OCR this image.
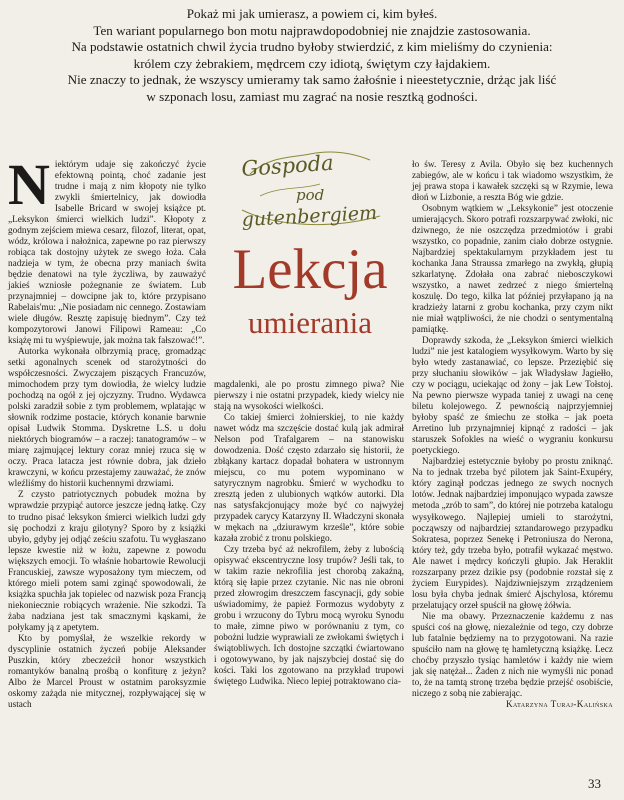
Pokaż mi jak umierasz, a powiem ci, kim byłeś.
Ten wariant popularnego bon motu najprawdopodobniej nie znajdzie zastosowania.
Na podstawie ostatnich chwil życia trudno byłoby stwierdzić, z kim mieliśmy do czynienia:
królem czy żebrakiem, mędrcem czy idiotą, świętym czy łajdakiem.
Nie znaczy to jednak, że wszyscy umieramy tak samo żałośnie i nieestetycznie, drżąc jak liść
w szponach losu, zamiast mu zagrać na nosie resztką godności.
N iektórym udaje się zakończyć życie efektowną pointą, choć zadanie jest trudne i mają z nim kłopoty nie tylko zwykli śmiertelnicy, jak dowiodła Isabelle Bricard w swojej książce pt. „Leksykon śmierci wielkich ludzi”. Kłopoty z godnym zejściem miewa cesarz, filozof, literat, opat, wódz, królowa i nałożnica, zapewne po raz pierwszy robiąca tak dostojny użytek ze swego łoża. Cała nadzieja w tym, że obecna przy maniach świta będzie denatowi na tyle życzliwa, by zauważyć jakieś wzniosłe pożegnanie ze światem. Lub przynajmniej – dowcipne jak to, które przypisano Rabelais'mu: „Nie posiadam nic cennego. Zostawiam wiele długów. Resztę zapisuję biednym”. Czy też kompozytorowi Janowi Filipowi Rameau: „Co książę mi tu wyśpiewuje, jak można tak fałszować!”.

Autorka wykonała olbrzymią pracę, gromadząc setki agonalnych scenek od starożytności do współczesności. Zwyczajem piszących Francuzów, mimochodem przy tym dowiodła, że wielcy ludzie pochodzą na ogół z jej ojczyzny. Trudno. Wydawca polski zaradził sobie z tym problemem, wplatając w słownik rodzime postacie, których konanie barwnie opisał Ludwik Stomma. Dyskretne L.S. u dołu niektórych biogramów – a raczej: tanatogramów – w miarę zajmującej lektury coraz mniej rzuca się w oczy. Praca latacza jest równie dobra, jak dzieło krawczyni, w końcu przestajemy zauważać, że znów wleźliśmy do historii kuchennymi drzwiami.

Z czysto patriotycznych pobudek można by wprawdzie przypiąć autorce jeszcze jedną łatkę. Czy to trudno pisać leksykon śmierci wielkich ludzi gdy się pochodzi z kraju gilotyny? Sporo by z książki ubyło, gdyby jej odjąć ześciu szafotu. Tu wygłaszano lepsze kwestie niż w łożu, zapewne z powodu większych emocji. To właśnie hobartowie Rewolucji Francuskiej, zawsze wyposażony tym mieczem, od którego mieli potem sami zginąć spowodowali, że książka spuchła jak topielec od nazwisk poza Francją niekoniecznie robiących wrażenie. Nie szkodzi. Ta żaba nadziana jest tak smacznymi kąskami, że połykamy ją z apetytem.

Kto by pomyślał, że wszelkie rekordy w dyscyplinie ostatnich życzeń pobije Aleksander Puszkin, który zbeczeźcił honor wszystkich romantyków banalną prośbą o konfiturę z jeżyn? Albo że Marcel Proust w ostatnim paroksyzmie oskomy zażąda nie mitycznej, rozpływającej się w ustach

Gospoda
pod
gutenbergiem
Lekcja
umierania

magdalenki, ale po prostu zimnego piwa? Nie pierwszy i nie ostatni przypadek, kiedy wielcy nie stają na wysokości wielkości.

Co takiej śmierci żołnierskiej, to nie każdy nawet wódz ma szczęście dostać kulą jak admirał Nelson pod Trafalgarem – na stanowisku dowodzenia. Dość często zdarzało się historii, że zbłąkany kartacz dopadał bohatera w ustronnym miejscu, co mu potem wypominano w satyrycznym nagrobku. Śmierć w wychodku to zresztą jeden z ulubionych wątków autorki. Dla nas satysfakcjonujący może być co najwyżej przypadek carycy Katarzyny II. Władczyni skonała w mękach na „dziurawym krześle”, które sobie kazała zrobić z tronu polskiego.

Czy trzeba być aż nekrofilem, żeby z lubością opisywać ekscentryczne losy trupów? Jeśli tak, to w takim razie nekrofilia jest chorobą zakaźną, którą się łapie przez czytanie. Nic nas nie obroni przed złowrogim dreszczem fascynacji, gdy sobie uświadomimy, że papież Formozus wydobyty z grobu i wrzucony do Tybru mocą wyroku Synodu to małe, zimne piwo w porównaniu z tym, co pobożni ludzie wyprawiali ze zwłokami świętych i świątobliwych. Ich dostojne szczątki ćwiartowano i ogotowywano, by jak najszybciej dostać się do kości. Taki los zgotowano na przykład trupowi świętego Ludwika. Nieco lepiej potraktowano cia-

ło św. Teresy z Avila. Obyło się bez kuchennych zabiegów, ale w końcu i tak wiadomo wszystkim, że jej prawa stopa i kawałek szczęki są w Rzymie, lewa dłoń w Lizbonie, a reszta Bóg wie gdzie.

Osobnym wątkiem w „Leksykonie” jest otoczenie umierających. Skoro potrafi rozszarpywać zwłoki, nic dziwnego, że nie oszczędza przedmiotów i grabi wszystko, co popadnie, zanim ciało dobrze ostygnie. Najbardziej spektakularnym przykładem jest tu kochanka Jana Straussa zmarłego na zwykłą, głupią szkarlatynę. Zdołała ona zabrać niebosczykowi wszystko, a nawet zedrzeć z niego śmiertelną koszulę. Do tego, kilka lat później przyłapano ją na kradzieży latarni z grobu kochanka, przy czym nikt nie miał wątpliwości, że nie chodzi o sentymentalną pamiątkę.

Doprawdy szkoda, że „Leksykon śmierci wielkich ludzi” nie jest katalogiem wysyłkowym. Warto by się było wtedy zastanawiać, co lepsze. Przeziębić się przy słuchaniu słowików – jak Władysław Jagiełło, czy w pociągu, uciekając od żony – jak Lew Tołstoj. Na pewno pierwsze wypada taniej z uwagi na cenę biletu kolejowego. Z pewnością najprzyjemniej byłoby spaść ze śmiechu ze stołka – jak poeta Arretino lub przynajmniej kipnąć z radości – jak staruszek Sofokles na wieść o wygraniu konkursu poetyckiego.

Najbardziej estetycznie byłoby po prostu zniknąć. Na to jednak trzeba być pilotem jak Saint-Exupéry, który zaginął podczas jednego ze swych nocnych lotów. Jednak najbardziej imponująco wypada zawsze metoda „zrób to sam”, do której nie potrzeba katalogu wysyłkowego. Najlepiej umieli to starożytni, począwszy od najbardziej sztandarowego przypadku Sokratesa, poprzez Senekę i Petroniusza do Nerona, który też, gdy trzeba było, potrafił wykazać męstwo. Ale nawet i mędrcy kończyli głupio. Jak Heraklit rozszarpany przez dzikie psy (podobnie rozstał się z życiem Eurypides). Najdziwniejszym zrządzeniem losu była chyba jednak śmierć Ajschylosa, któremu przelatujący orzeł spuścił na głowę żółwia.

Nie ma obawy. Przeznaczenie każdemu z nas spuści coś na głowę, niezależnie od tego, czy dobrze lub fatalnie będziemy na to przygotowani. Na razie spuściło nam na głowę tę hamletyczną książkę. Lecz choćby przyszło tysiąc hamletów i każdy nie wiem jak się natężał... Żaden z nich nie wymyśli nic ponad to, że na tamtą stronę trzeba będzie przejść osobiście, niczego z sobą nie zabierając.

Katarzyna Turaj-Kalińska
33
